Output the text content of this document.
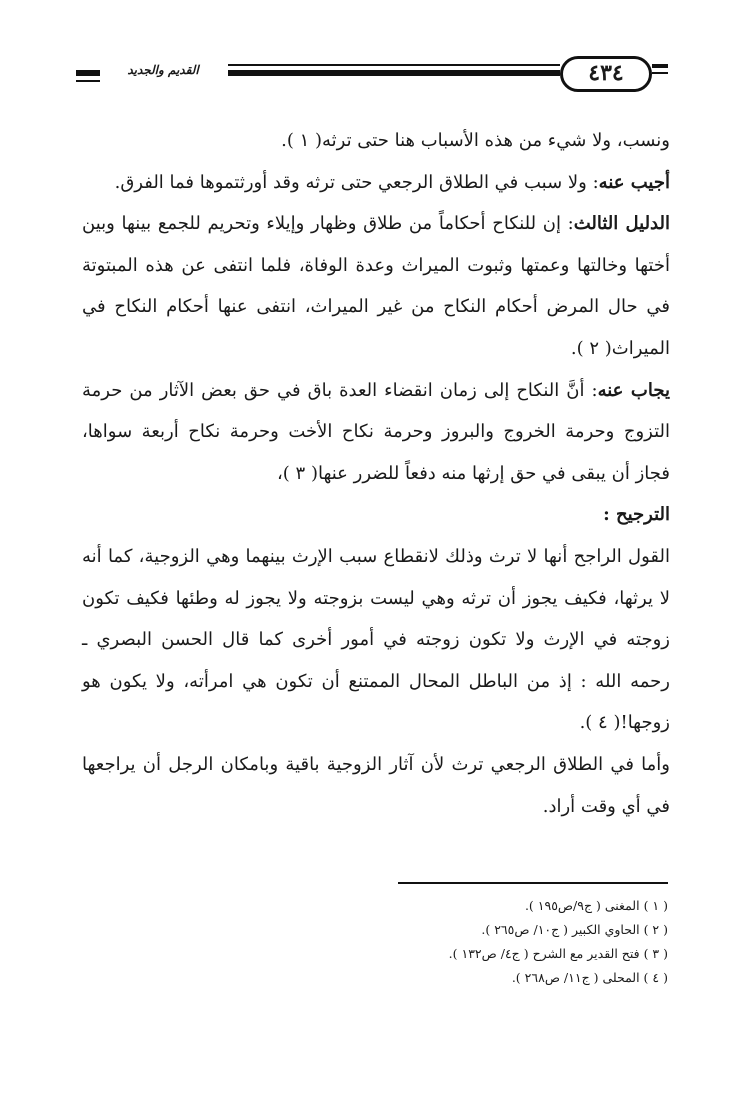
٤٣٤
القديم والجديد

ونسب، ولا شيء من هذه الأسباب هنا حتى ترثه( ١ ).

أجيب عنه: ولا سبب في الطلاق الرجعي حتى ترثه وقد أورثتموها فما الفرق.

الدليل الثالث: إن للنكاح أحكاماً من طلاق وظهار وإيلاء وتحريم للجمع بينها وبين أختها وخالتها وعمتها وثبوت الميراث وعدة الوفاة، فلما انتفى عن هذه المبتوتة في حال المرض أحكام النكاح من غير الميراث، انتفى عنها أحكام النكاح في الميراث( ٢ ).

يجاب عنه: أنَّ النكاح إلى زمان انقضاء العدة باق في حق بعض الآثار من حرمة التزوج وحرمة الخروج والبروز وحرمة نكاح الأخت وحرمة نكاح أربعة سواها، فجاز أن يبقى في حق إرثها منه دفعاً للضرر عنها( ٣ )،

الترجيح :

القول الراجح أنها لا ترث وذلك لانقطاع سبب الإرث بينهما وهي الزوجية، كما أنه لا يرثها، فكيف يجوز أن ترثه وهي ليست بزوجته ولا يجوز له وطئها فكيف تكون زوجته في الإرث ولا تكون زوجته في أمور أخرى كما قال الحسن البصري ـ رحمه الله : إذ من الباطل المحال الممتنع أن تكون هي امرأته، ولا يكون هو زوجها!( ٤ ).

وأما في الطلاق الرجعي ترث لأن آثار الزوجية باقية وبامكان الرجل أن يراجعها في أي وقت أراد.

( ١ ) المغنى ( ج٩/ص١٩٥ ).
( ٢ ) الحاوي الكبير ( ج١٠/ ص٢٦٥ ).
( ٣ ) فتح القدير مع الشرح ( ج٤/ ص١٣٢ ).
( ٤ ) المحلى ( ج١١/ ص٢٦٨ ).
